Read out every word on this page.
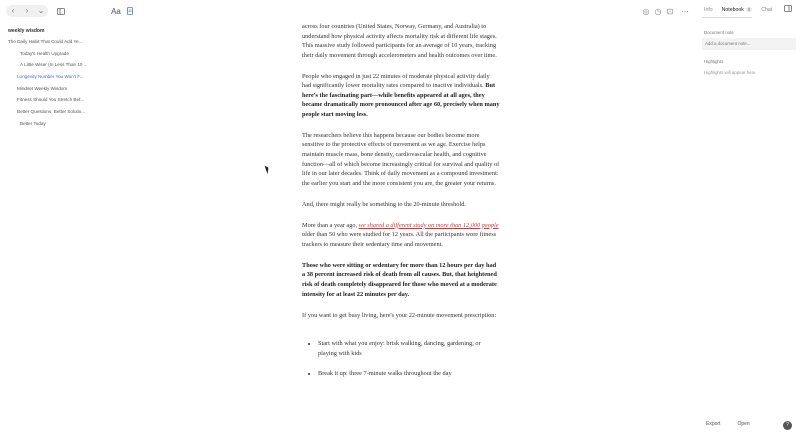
‹	›	⌄	Aa	◎ ◷ ⊡ ⋯
weekly wisdom
The Daily Habit That Could Add Ye...
Today's Health Upgrade
A Little Wiser (In Less Than 10 ...
Longevity Number You Won't F...
Mindset Weekly Wisdom
Fitness Should You Stretch Bef...
Better Questions, Better Solutio...
Better Today

across four countries (United States, Norway, Germany, and Australia) to understand how physical activity affects mortality risk at different life stages. This massive study followed participants for an average of 10 years, tracking their daily movement through accelerometers and health outcomes over time.

People who engaged in just 22 minutes of moderate physical activity daily had significantly lower mortality rates compared to inactive individuals. But here's the fascinating part—while benefits appeared at all ages, they became dramatically more pronounced after age 60, precisely when many people start moving less.

The researchers believe this happens because our bodies become more sensitive to the protective effects of movement as we age. Exercise helps maintain muscle mass, bone density, cardiovascular health, and cognitive function—all of which become increasingly critical for survival and quality of life in our later decades. Think of daily movement as a compound investment: the earlier you start and the more consistent you are, the greater your returns.

And, there might really be something to the 20-minute threshold.

More than a year ago, we shared a different study on more than 12,000 people older than 50 who were studied for 12 years. All the participants wore fitness trackers to measure their sedentary time and movement.

Those who were sitting or sedentary for more than 12 hours per day had a 38 percent increased risk of death from all causes. But, that heightened risk of death completely disappeared for those who moved at a moderate intensity for at least 22 minutes per day.

If you want to get busy living, here's your 22-minute movement prescription:

• Start with what you enjoy: brisk walking, dancing, gardening, or playing with kids
• Break it up: three 7-minute walks throughout the day
Info Notebook 0	Chat
Document note
Add a document note...
Highlights
Highlights will appear here
Export	Open	?
